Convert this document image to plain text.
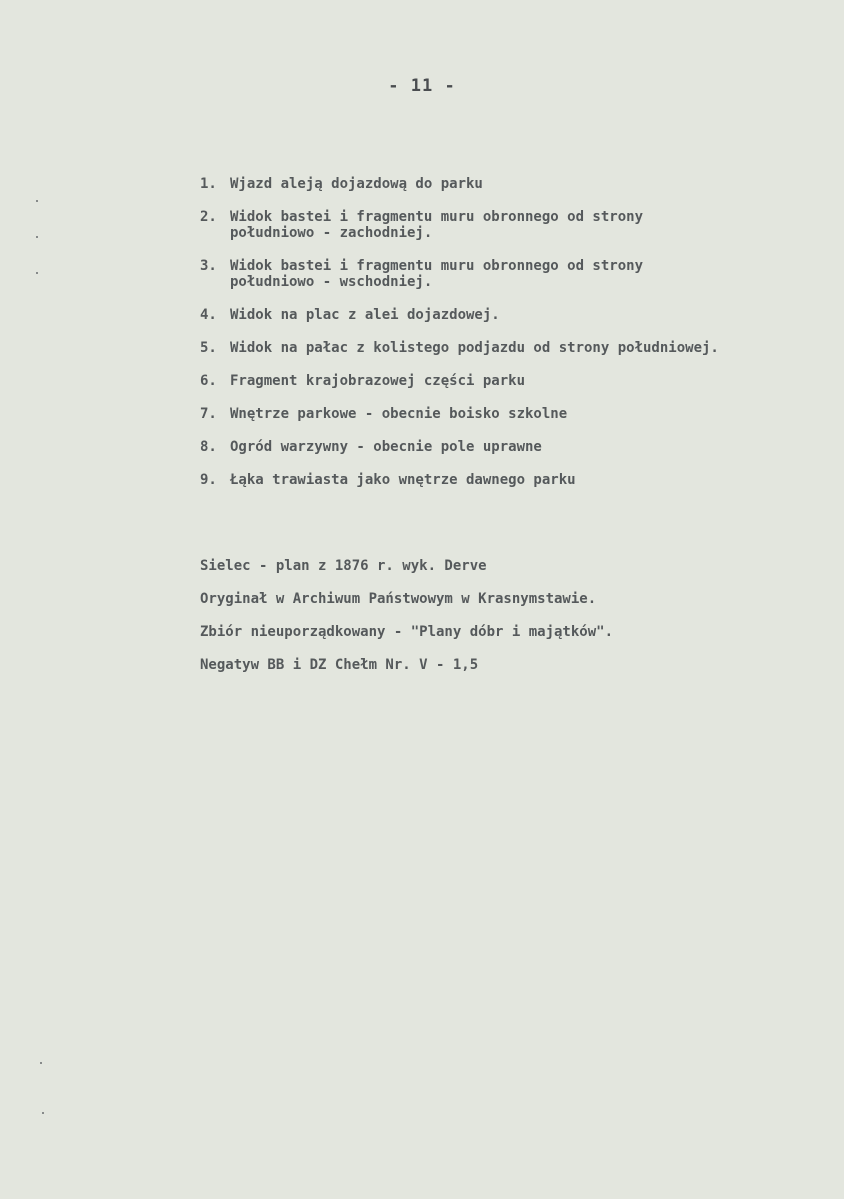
- 11 -
1. Wjazd aleją dojazdową do parku
2. Widok bastei i fragmentu muru obronnego od strony
południowo - zachodniej.
3. Widok bastei i fragmentu muru obronnego od strony
południowo - wschodniej.
4. Widok na plac z alei dojazdowej.
5. Widok na pałac z kolistego podjazdu od strony południowej.
6. Fragment krajobrazowej części parku
7. Wnętrze parkowe - obecnie boisko szkolne
8. Ogród warzywny - obecnie pole uprawne
9. Łąka trawiasta jako wnętrze dawnego parku
Sielec - plan z 1876 r. wyk. Derve
Oryginał w Archiwum Państwowym w Krasnymstawie.
Zbiór nieuporządkowany - "Plany dóbr i majątków".
Negatyw BB i DZ Chełm Nr. V - 1,5
